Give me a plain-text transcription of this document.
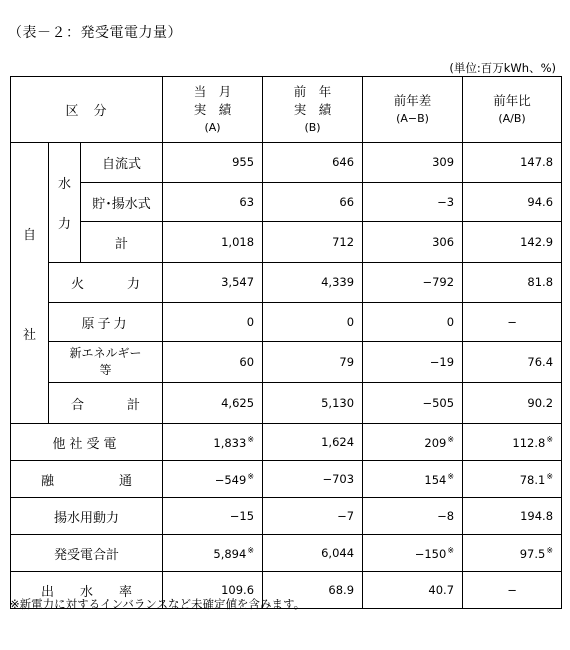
（表－２：発受電電力量）
(単位:百万kWh、%)
区　分			当　月
実　績
(A)	前　年
実　績
(B)	前年差
(A−B)	前年比
(A/B)

自
社	水
力	自流式	955	646	309	147.8
		貯･揚水式	63	66	−3	94.6
		計	1,018	712	306	142.9

	火 力		3,547	4,339	−792	81.8
	原子力		0	0	0	−

	新エネルギー
等		60	79	−19	76.4

	合 計		4,625	5,130	−505	90.2
他社受電			1,833※	1,624	209※	112.8※

融 通			−549※	−703	154※	78.1※
揚水用動力			−15	−7	−8	194.8
発受電合計			5,894※	6,044	−150※	97.5※

出 水 率			109.6	68.9	40.7	−
※新電力に対するインバランスなど未確定値を含みます。
